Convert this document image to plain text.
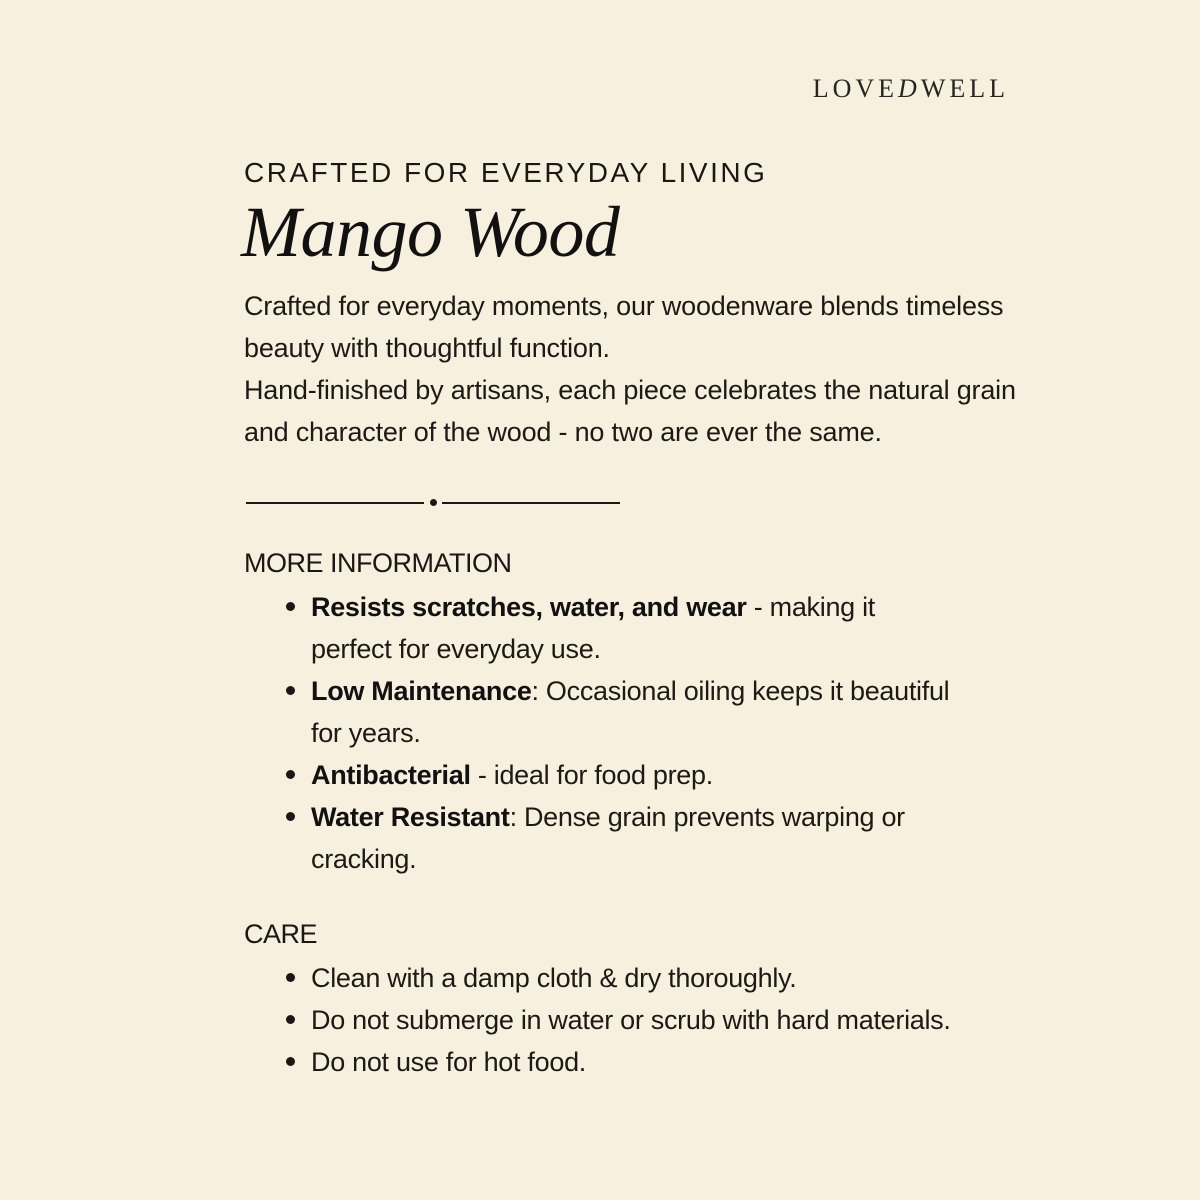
LOVEDWELL
CRAFTED FOR EVERYDAY LIVING
Mango Wood

Crafted for everyday moments, our woodenware blends timeless beauty with thoughtful function.

Hand-finished by artisans, each piece celebrates the natural grain and character of the wood - no two are ever the same.

MORE INFORMATION
Resists scratches, water, and wear - making it perfect for everyday use.
Low Maintenance: Occasional oiling keeps it beautiful for years.
Antibacterial - ideal for food prep.
Water Resistant: Dense grain prevents warping or cracking.
CARE
Clean with a damp cloth & dry thoroughly.
Do not submerge in water or scrub with hard materials.
Do not use for hot food.
